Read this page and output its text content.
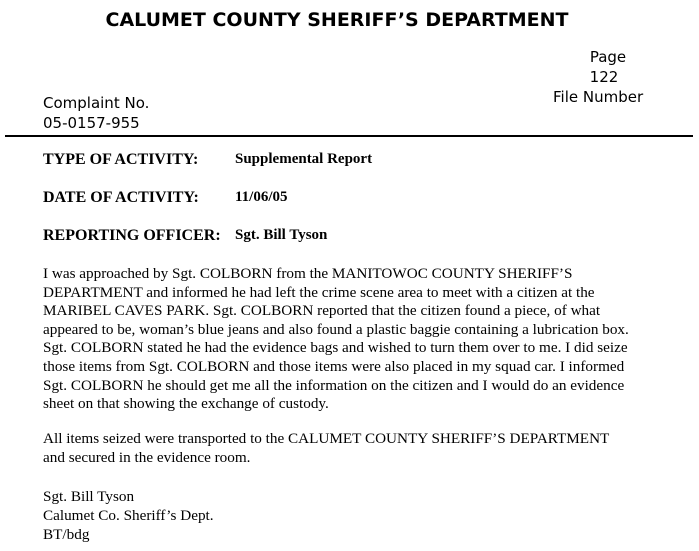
CALUMET COUNTY SHERIFF’S DEPARTMENT
Page
122
File Number
Complaint No.
05-0157-955
TYPE OF ACTIVITY: Supplemental Report
DATE OF ACTIVITY: 11/06/05
REPORTING OFFICER: Sgt. Bill Tyson
I was approached by Sgt. COLBORN from the MANITOWOC COUNTY SHERIFF’S
DEPARTMENT and informed he had left the crime scene area to meet with a citizen at the
MARIBEL CAVES PARK. Sgt. COLBORN reported that the citizen found a piece, of what
appeared to be, woman’s blue jeans and also found a plastic baggie containing a lubrication box.
Sgt. COLBORN stated he had the evidence bags and wished to turn them over to me. I did seize
those items from Sgt. COLBORN and those items were also placed in my squad car. I informed
Sgt. COLBORN he should get me all the information on the citizen and I would do an evidence
sheet on that showing the exchange of custody.
All items seized were transported to the CALUMET COUNTY SHERIFF’S DEPARTMENT
and secured in the evidence room.
Sgt. Bill Tyson
Calumet Co. Sheriff’s Dept.
BT/bdg
